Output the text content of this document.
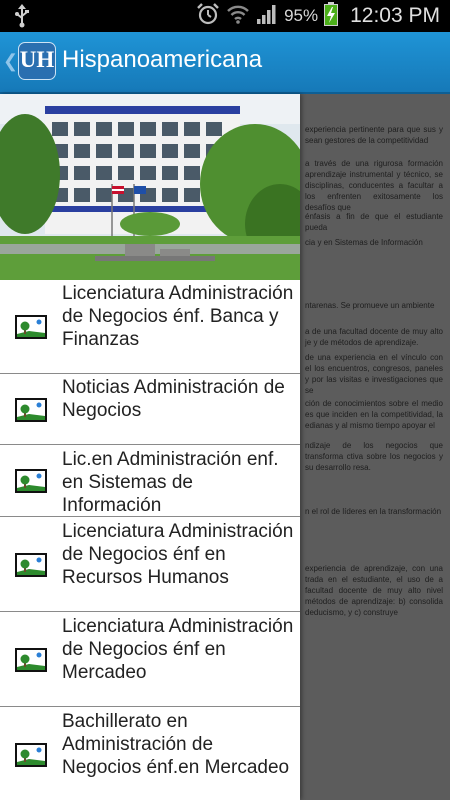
95% 12:03 PM
❮ UH Hispanoamericana
experiencia pertinente para que sus y sean gestores de la competitividad
a través de una rigurosa formación aprendizaje instrumental y técnico, se disciplinas, conducentes a facultar a los enfrenten exitosamente los desafíos que
énfasis a fin de que el estudiante pueda
cia y en Sistemas de Información
ntarenas. Se promueve un ambiente
a de una facultad docente de muy alto je y de métodos de aprendizaje.
de una experiencia en el vínculo con el los encuentros, congresos, paneles y por las visitas e investigaciones que se
ción de conocimientos sobre el medio es que inciden en la competitividad, la edianas y al mismo tiempo apoyar el
ndizaje de los negocios que transforma ctiva sobre los negocios y su desarrollo resa.
n el rol de líderes en la transformación
experiencia de aprendizaje, con una trada en el estudiante, el uso de a facultad docente de muy alto nivel métodos de aprendizaje: b) consolida deducismo, y c) construye
Licenciatura Administración de Negocios énf. Banca y Finanzas
Noticias Administración de Negocios
Lic.en Administración enf. en Sistemas de Información
Licenciatura Administración de Negocios énf en Recursos Humanos
Licenciatura Administración de Negocios énf en Mercadeo
Bachillerato en Administración de Negocios énf.en Mercadeo
